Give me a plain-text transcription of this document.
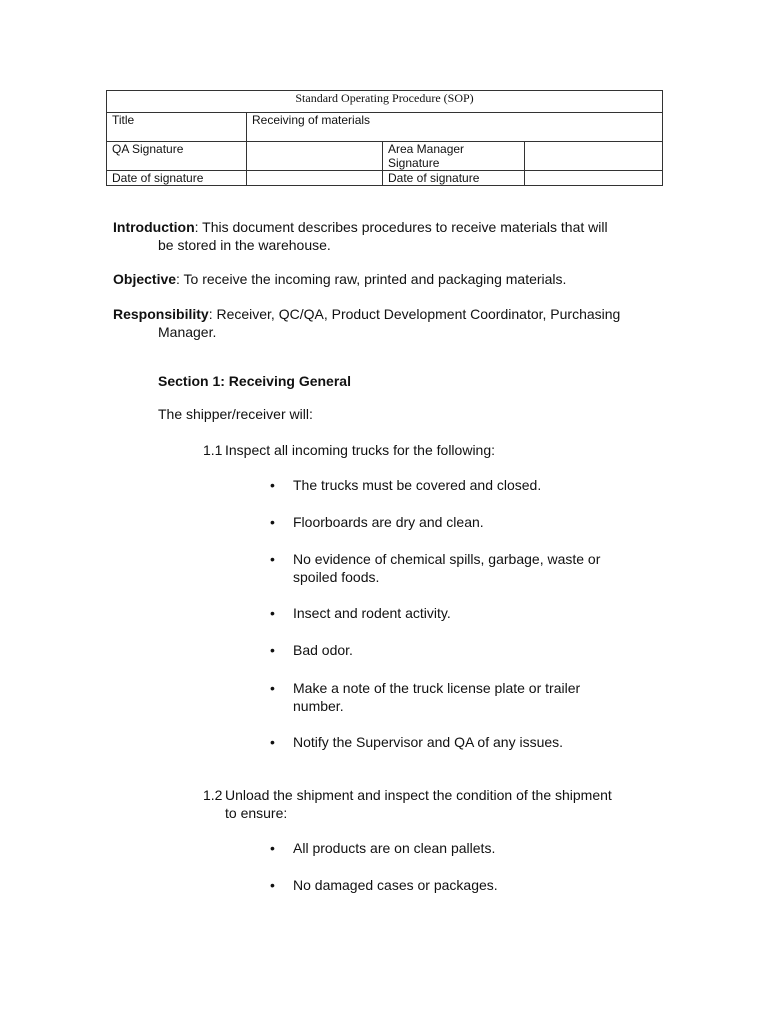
Standard Operating Procedure (SOP)			
Title	Receiving of materials		
QA Signature		Area Manager
Signature	
Date of signature		Date of signature	
Introduction: This document describes procedures to receive materials that will
be stored in the warehouse.
Objective: To receive the incoming raw, printed and packaging materials.
Responsibility: Receiver, QC/QA, Product Development Coordinator, Purchasing
Manager.
Section 1: Receiving General
The shipper/receiver will:
1.1 Inspect all incoming trucks for the following:
•	The trucks must be covered and closed.
•	Floorboards are dry and clean.
•	No evidence of chemical spills, garbage, waste or
spoiled foods.
•	Insect and rodent activity.
•	Bad odor.
•	Make a note of the truck license plate or trailer
number.
•	Notify the Supervisor and QA of any issues.
1.2 Unload the shipment and inspect the condition of the shipment
to ensure:
•	All products are on clean pallets.
•	No damaged cases or packages.
